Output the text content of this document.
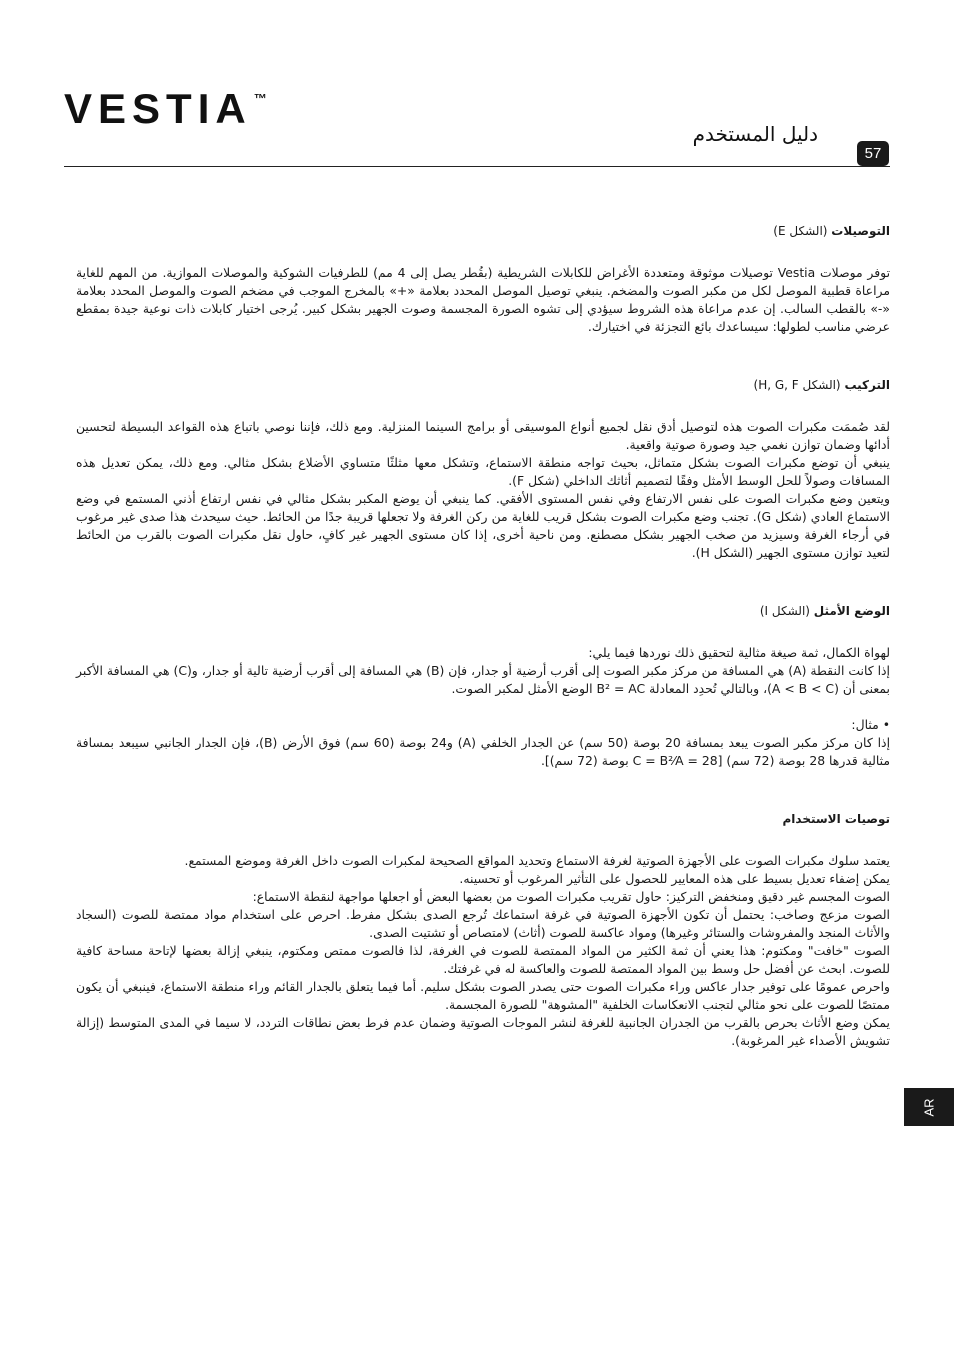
VESTIA ™
دليل المستخدم
57

التوصيلات (الشكل E)

توفر موصلات Vestia توصيلات موثوقة ومتعددة الأغراض للكابلات الشريطية (بقُطر يصل إلى 4 مم) للطرفيات الشوكية والموصلات الموازية. من المهم للغاية مراعاة قطبية الموصل لكل من مكبر الصوت والمضخم. ينبغي توصيل الموصل المحدد بعلامة «+» بالمخرج الموجب في مضخم الصوت والموصل المحدد بعلامة «-» بالقطب السالب. إن عدم مراعاة هذه الشروط سيؤدي إلى تشوه الصورة المجسمة وصوت الجهير بشكل كبير. يُرجى اختيار كابلات ذات نوعية جيدة بمقطع عرضي مناسب لطولها: سيساعدك بائع التجزئة في اختيارك.

التركيب (الشكل H, G, F)

لقد صُممَت مكبرات الصوت هذه لتوصيل أدق نقل لجميع أنواع الموسيقى أو برامج السينما المنزلية. ومع ذلك، فإننا نوصي باتباع هذه القواعد البسيطة لتحسين أدائها وضمان توازن نغمي جيد وصورة صوتية واقعية.

ينبغي أن توضع مكبرات الصوت بشكل متماثل، بحيث تواجه منطقة الاستماع، وتشكل معها مثلثًا متساوي الأضلاع بشكل مثالي. ومع ذلك، يمكن تعديل هذه المسافات وصولاً للحل الوسط الأمثل وفقًا لتصميم أثاثك الداخلي (شكل F).

ويتعين وضع مكبرات الصوت على نفس الارتفاع وفي نفس المستوى الأفقي. كما ينبغي أن يوضع المكبر بشكل مثالي في نفس ارتفاع أذني المستمع في وضع الاستماع العادي (شكل G). تجنب وضع مكبرات الصوت بشكل قريب للغاية من ركن الغرفة ولا تجعلها قريبة جدًا من الحائط. حيث سيحدث هذا صدى غير مرغوب في أرجاء الغرفة وسيزيد من صخب الجهير بشكل مصطنع. ومن ناحية أخرى، إذا كان مستوى الجهير غير كافٍ، حاول نقل مكبرات الصوت بالقرب من الحائط لتعيد توازن مستوى الجهير (الشكل H).

الوضع الأمثل (الشكل I)

لهواة الكمال، ثمة صيغة مثالية لتحقيق ذلك نوردها فيما يلي:

إذا كانت النقطة (A) هي المسافة من مركز مكبر الصوت إلى أقرب أرضية أو جدار، فإن (B) هي المسافة إلى أقرب أرضية تالية أو جدار، و(C) هي المسافة الأكبر بمعنى أن (A < B < C)، وبالتالي تُحدِد المعادلة B² = AC الوضع الأمثل لمكبر الصوت.

• مثال:

إذا كان مركز مكبر الصوت يبعد بمسافة 20 بوصة (50 سم) عن الجدار الخلفي (A) و24 بوصة (60 سم) فوق الأرض (B)، فإن الجدار الجانبي سيبعد بمسافة مثالية قدرها 28 بوصة (72 سم) [C = B²⁄A = 28 بوصة (72 سم)].

توصيات الاستخدام

يعتمد سلوك مكبرات الصوت على الأجهزة الصوتية لغرفة الاستماع وتحديد المواقع الصحيحة لمكبرات الصوت داخل الغرفة وموضع المستمع.

يمكن إضفاء تعديل بسيط على هذه المعايير للحصول على التأثير المرغوب أو تحسينه.

الصوت المجسم غير دقيق ومنخفض التركيز: حاول تقريب مكبرات الصوت من بعضها البعض أو اجعلها مواجهة لنقطة الاستماع:

الصوت مزعج وصاخب: يحتمل أن تكون الأجهزة الصوتية في غرفة استماعك تُرجع الصدى بشكل مفرط. احرص على استخدام مواد ممتصة للصوت (السجاد والأثاث المنجد والمفروشات والستائر وغيرها) ومواد عاكسة للصوت (أثاث) لامتصاص أو تشتيت الصدى.

الصوت "خافت" ومكتوم: هذا يعني أن ثمة الكثير من المواد الممتصة للصوت في الغرفة، لذا فالصوت ممتص ومكتوم، ينبغي إزالة بعضها لإتاحة مساحة كافية للصوت. ابحث عن أفضل حل وسط بين المواد الممتصة للصوت والعاكسة له في غرفتك.

واحرص عمومًا على توفير جدار عاكس وراء مكبرات الصوت حتى يصدر الصوت بشكل سليم. أما فيما يتعلق بالجدار القائم وراء منطقة الاستماع، فينبغي أن يكون ممتصًا للصوت على نحو مثالي لتجنب الانعكاسات الخلفية "المشوهة" للصورة المجسمة.

يمكن وضع الأثاث بحرص بالقرب من الجدران الجانبية للغرفة لنشر الموجات الصوتية وضمان عدم فرط بعض نطاقات التردد، لا سيما في المدى المتوسط (إزالة تشويش الأصداء غير المرغوبة).

AR
